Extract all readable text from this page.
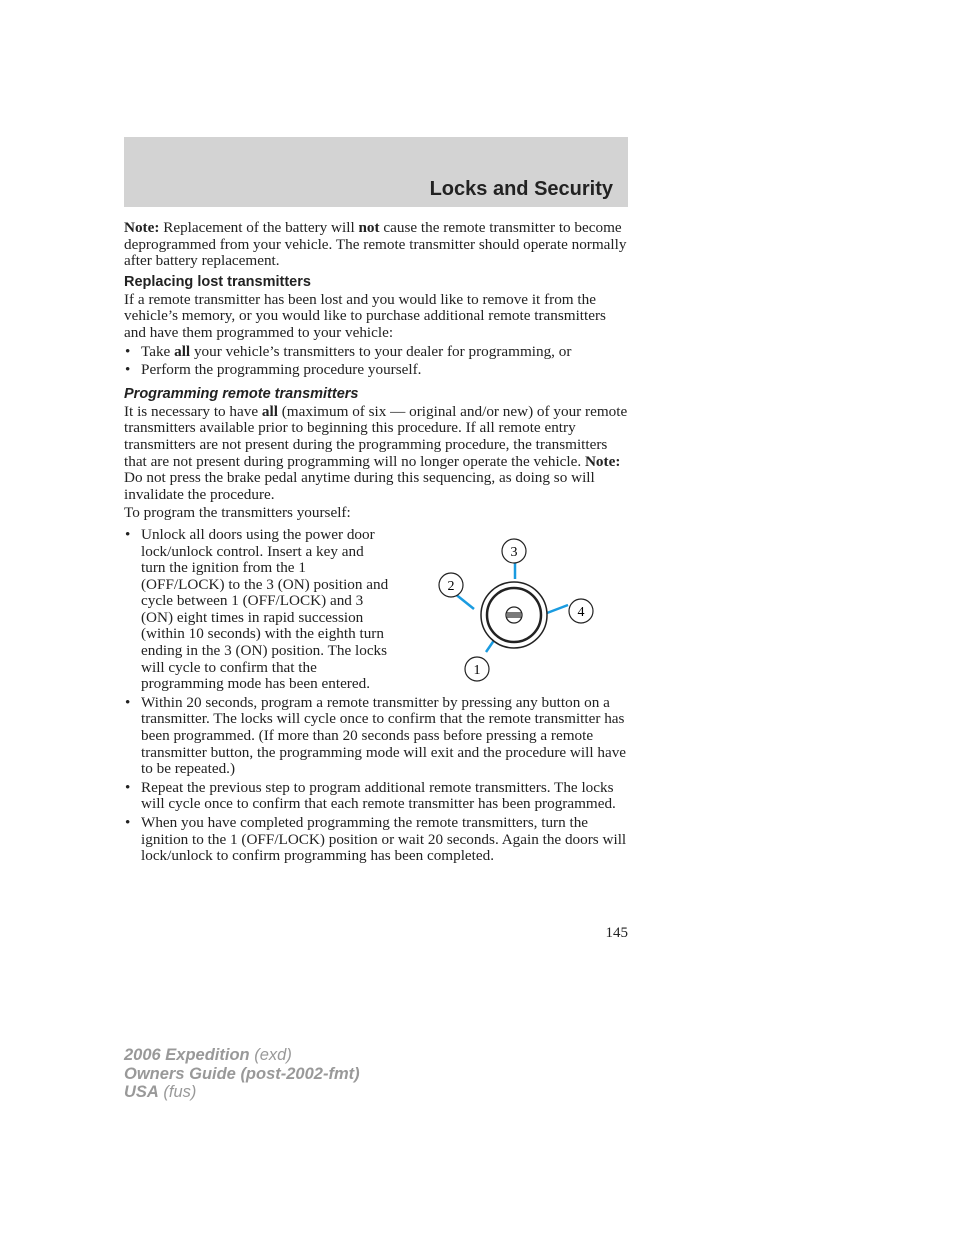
Locks and Security

Note: Replacement of the battery will not cause the remote transmitter to become deprogrammed from your vehicle. The remote transmitter should operate normally after battery replacement.

Replacing lost transmitters

If a remote transmitter has been lost and you would like to remove it from the vehicle’s memory, or you would like to purchase additional remote transmitters and have them programmed to your vehicle:

• Take all your vehicle’s transmitters to your dealer for programming, or
• Perform the programming procedure yourself.
Programming remote transmitters

It is necessary to have all (maximum of six — original and/or new) of your remote transmitters available prior to beginning this procedure. If all remote entry transmitters are not present during the programming procedure, the transmitters that are not present during programming will no longer operate the vehicle. Note: Do not press the brake pedal anytime during this sequencing, as doing so will invalidate the procedure.

To program the transmitters yourself:

• 1
2
3
4
Unlock all doors using the power door lock/unlock control. Insert a key and turn the ignition from the 1 (OFF/LOCK) to the 3 (ON) position and cycle between 1 (OFF/LOCK) and 3 (ON) eight times in rapid succession (within 10 seconds) with the eighth turn ending in the 3 (ON) position. The locks will cycle to confirm that the programming mode has been entered.
• Within 20 seconds, program a remote transmitter by pressing any button on a transmitter. The locks will cycle once to confirm that the remote transmitter has been programmed. (If more than 20 seconds pass before pressing a remote transmitter button, the programming mode will exit and the procedure will have to be repeated.)
• Repeat the previous step to program additional remote transmitters. The locks will cycle once to confirm that each remote transmitter has been programmed.
• When you have completed programming the remote transmitters, turn the ignition to the 1 (OFF/LOCK) position or wait 20 seconds. Again the doors will lock/unlock to confirm programming has been completed.
145
2006 Expedition (exd)
Owners Guide (post-2002-fmt)
USA (fus)
